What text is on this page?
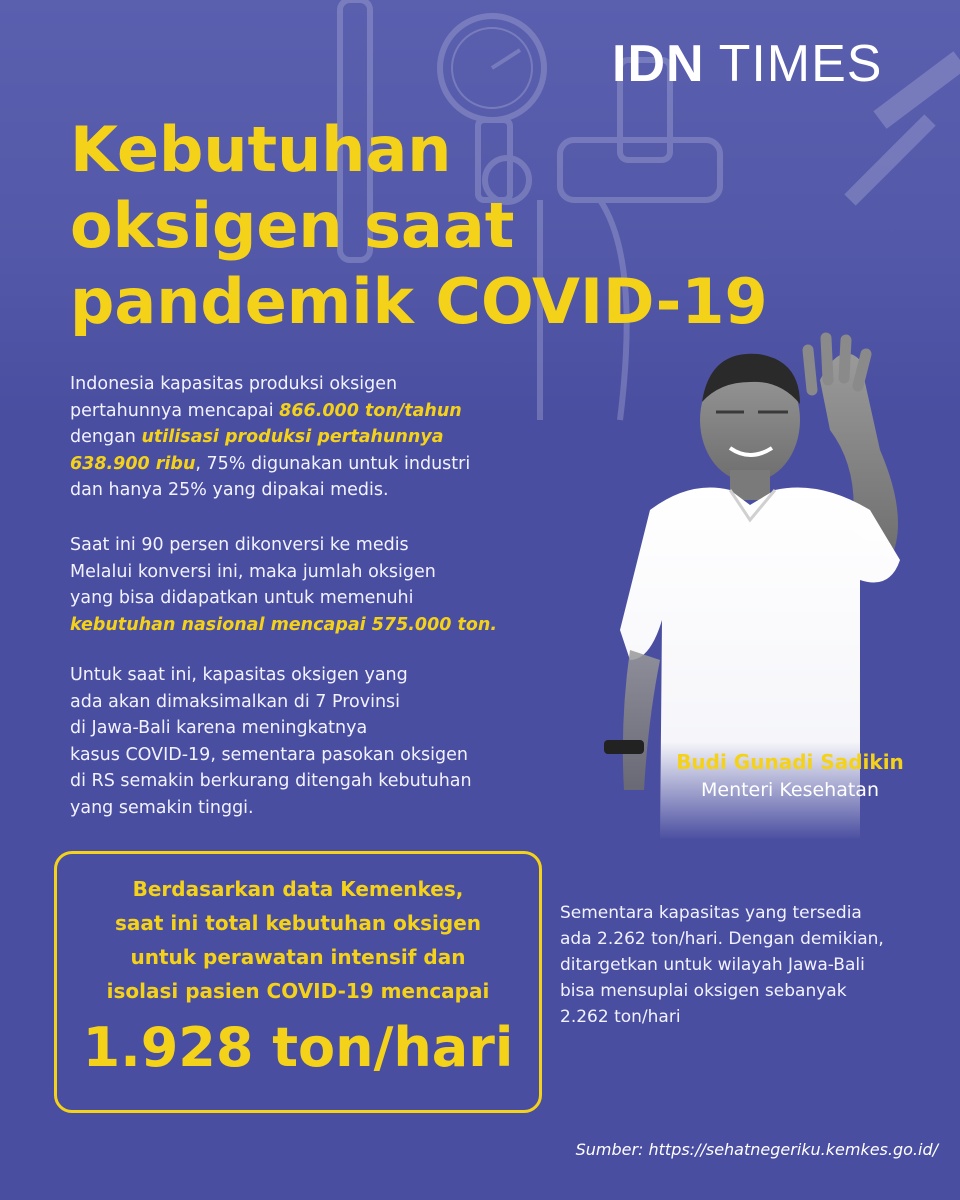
IDN TIMES
Kebutuhan
oksigen saat
pandemik COVID-19

Indonesia kapasitas produksi oksigen
pertahunnya mencapai 866.000 ton/tahun
dengan utilisasi produksi pertahunnya
638.900 ribu, 75% digunakan untuk industri
dan hanya 25% yang dipakai medis.

Saat ini 90 persen dikonversi ke medis
Melalui konversi ini, maka jumlah oksigen
yang bisa didapatkan untuk memenuhi
kebutuhan nasional mencapai 575.000 ton.

Untuk saat ini, kapasitas oksigen yang
ada akan dimaksimalkan di 7 Provinsi
di Jawa-Bali karena meningkatnya
kasus COVID-19, sementara pasokan oksigen
di RS semakin berkurang ditengah kebutuhan
yang semakin tinggi.

Budi Gunadi Sadikin
Menteri Kesehatan

Berdasarkan data Kemenkes,
saat ini total kebutuhan oksigen
untuk perawatan intensif dan
isolasi pasien COVID-19 mencapai

1.928 ton/hari

Sementara kapasitas yang tersedia
ada 2.262 ton/hari. Dengan demikian,
ditargetkan untuk wilayah Jawa-Bali
bisa mensuplai oksigen sebanyak
2.262 ton/hari

Sumber: https://sehatnegeriku.kemkes.go.id/
